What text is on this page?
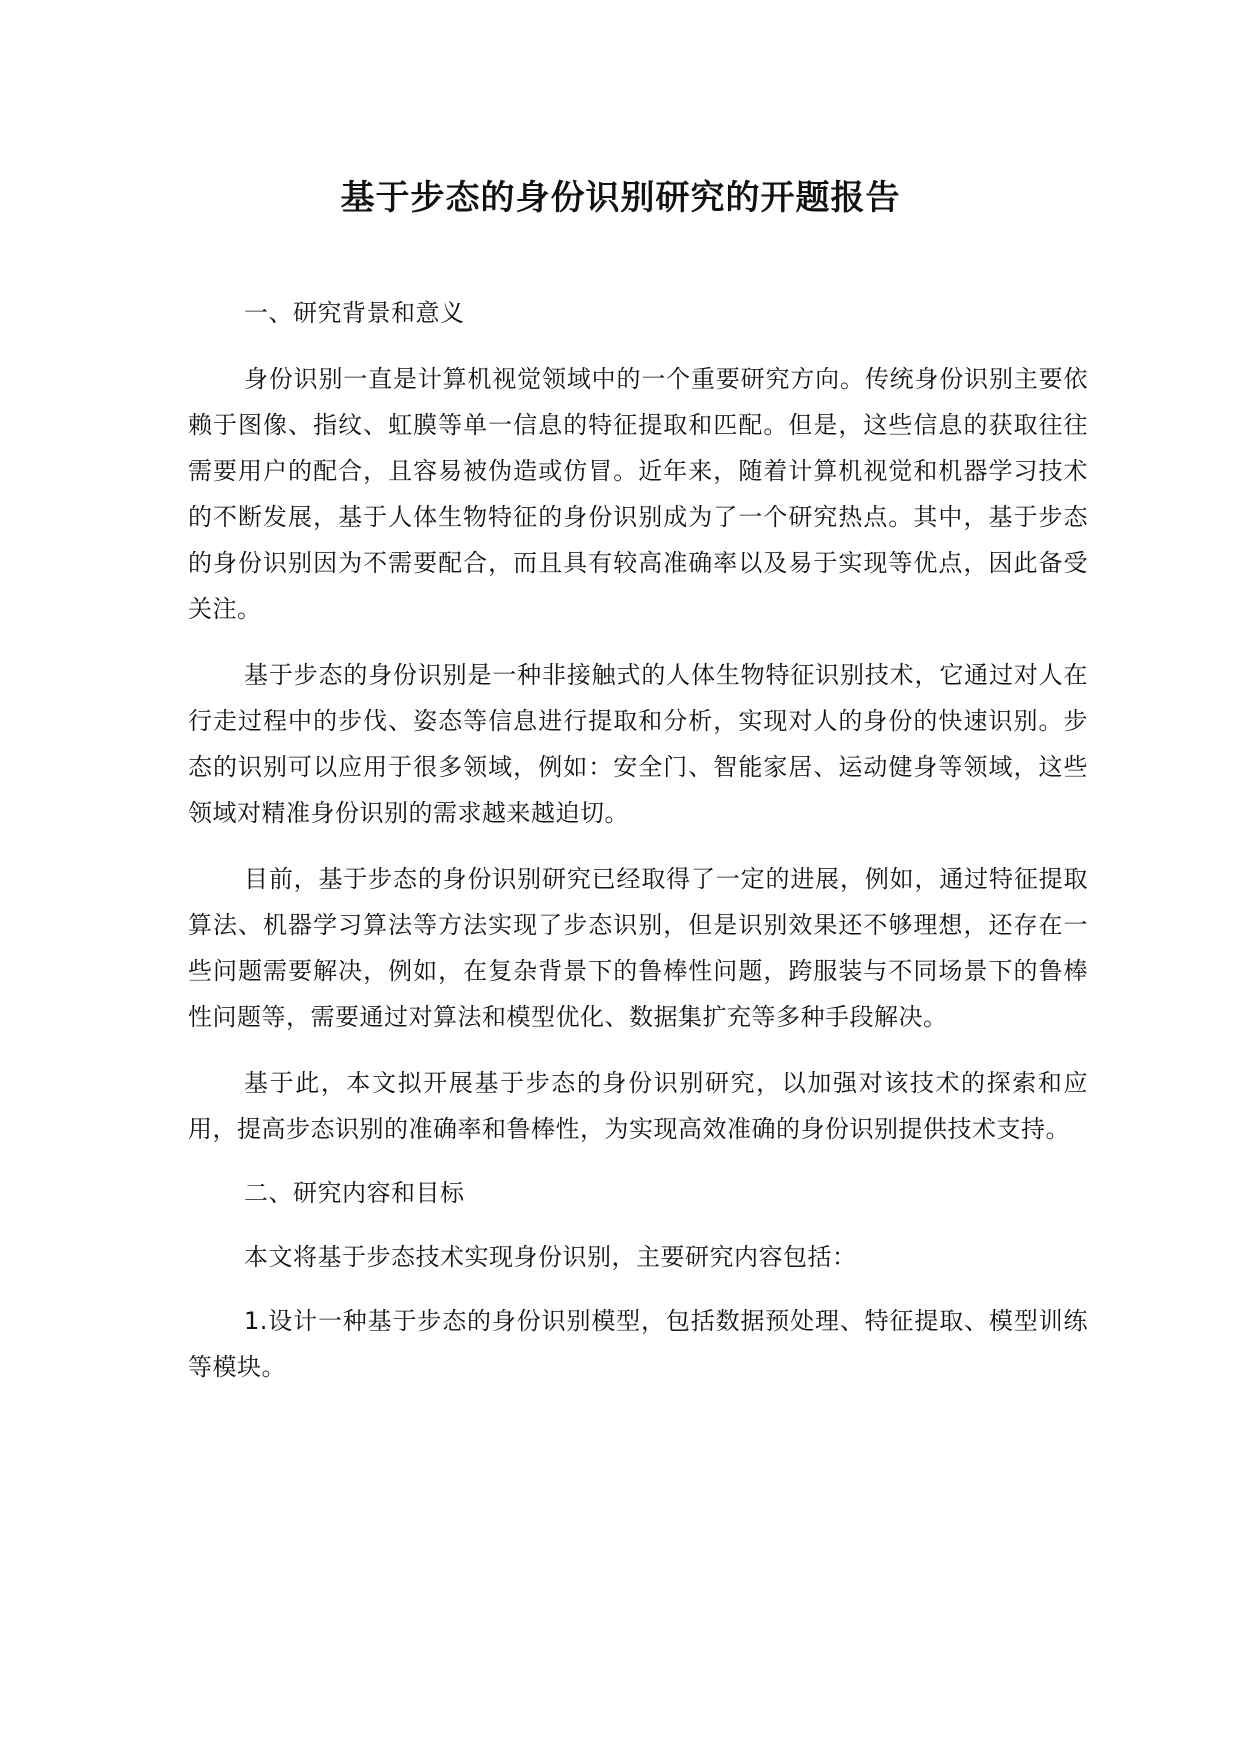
基于步态的身份识别研究的开题报告
一、研究背景和意义

身份识别一直是计算机视觉领域中的一个重要研究方向。传统身份识别主要依赖于图像、指纹、虹膜等单一信息的特征提取和匹配。但是，这些信息的获取往往需要用户的配合，且容易被伪造或仿冒。近年来，随着计算机视觉和机器学习技术的不断发展，基于人体生物特征的身份识别成为了一个研究热点。其中，基于步态的身份识别因为不需要配合，而且具有较高准确率以及易于实现等优点，因此备受关注。

基于步态的身份识别是一种非接触式的人体生物特征识别技术，它通过对人在行走过程中的步伐、姿态等信息进行提取和分析，实现对人的身份的快速识别。步态的识别可以应用于很多领域，例如：安全门、智能家居、运动健身等领域，这些领域对精准身份识别的需求越来越迫切。

目前，基于步态的身份识别研究已经取得了一定的进展，例如，通过特征提取算法、机器学习算法等方法实现了步态识别，但是识别效果还不够理想，还存在一些问题需要解决，例如，在复杂背景下的鲁棒性问题，跨服装与不同场景下的鲁棒性问题等，需要通过对算法和模型优化、数据集扩充等多种手段解决。

基于此，本文拟开展基于步态的身份识别研究，以加强对该技术的探索和应用，提高步态识别的准确率和鲁棒性，为实现高效准确的身份识别提供技术支持。

二、研究内容和目标

本文将基于步态技术实现身份识别，主要研究内容包括：

1.设计一种基于步态的身份识别模型，包括数据预处理、特征提取、模型训练等模块。
